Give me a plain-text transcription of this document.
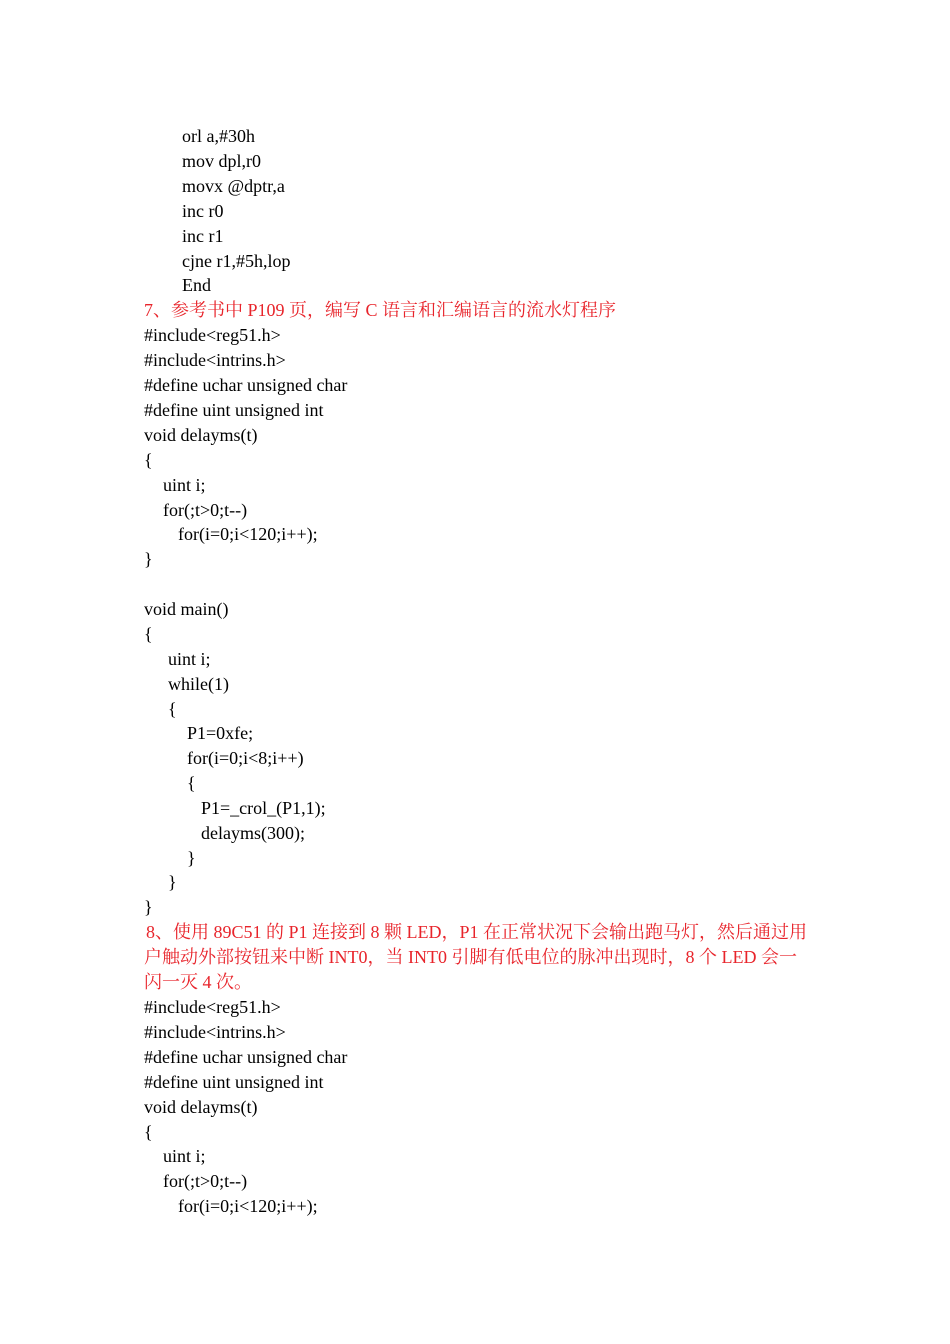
orl a,#30h
mov dpl,r0
movx @dptr,a
inc r0
inc r1
cjne r1,#5h,lop
End
7、参考书中 P109 页，编写 C 语言和汇编语言的流水灯程序
#include<reg51.h>
#include<intrins.h>
#define uchar unsigned char
#define uint unsigned int
void delayms(t)
{
uint i;
for(;t>0;t--)
for(i=0;i<120;i++);
}
void main()
{
uint i;
while(1)
{
P1=0xfe;
for(i=0;i<8;i++)
{
P1=_crol_(P1,1);
delayms(300);
}
}
}
8、使用 89C51 的 P1 连接到 8 颗 LED，P1 在正常状况下会输出跑马灯，然后通过用
户触动外部按钮来中断 INT0，当 INT0 引脚有低电位的脉冲出现时，8 个 LED 会一
闪一灭 4 次。
#include<reg51.h>
#include<intrins.h>
#define uchar unsigned char
#define uint unsigned int
void delayms(t)
{
uint i;
for(;t>0;t--)
for(i=0;i<120;i++);
